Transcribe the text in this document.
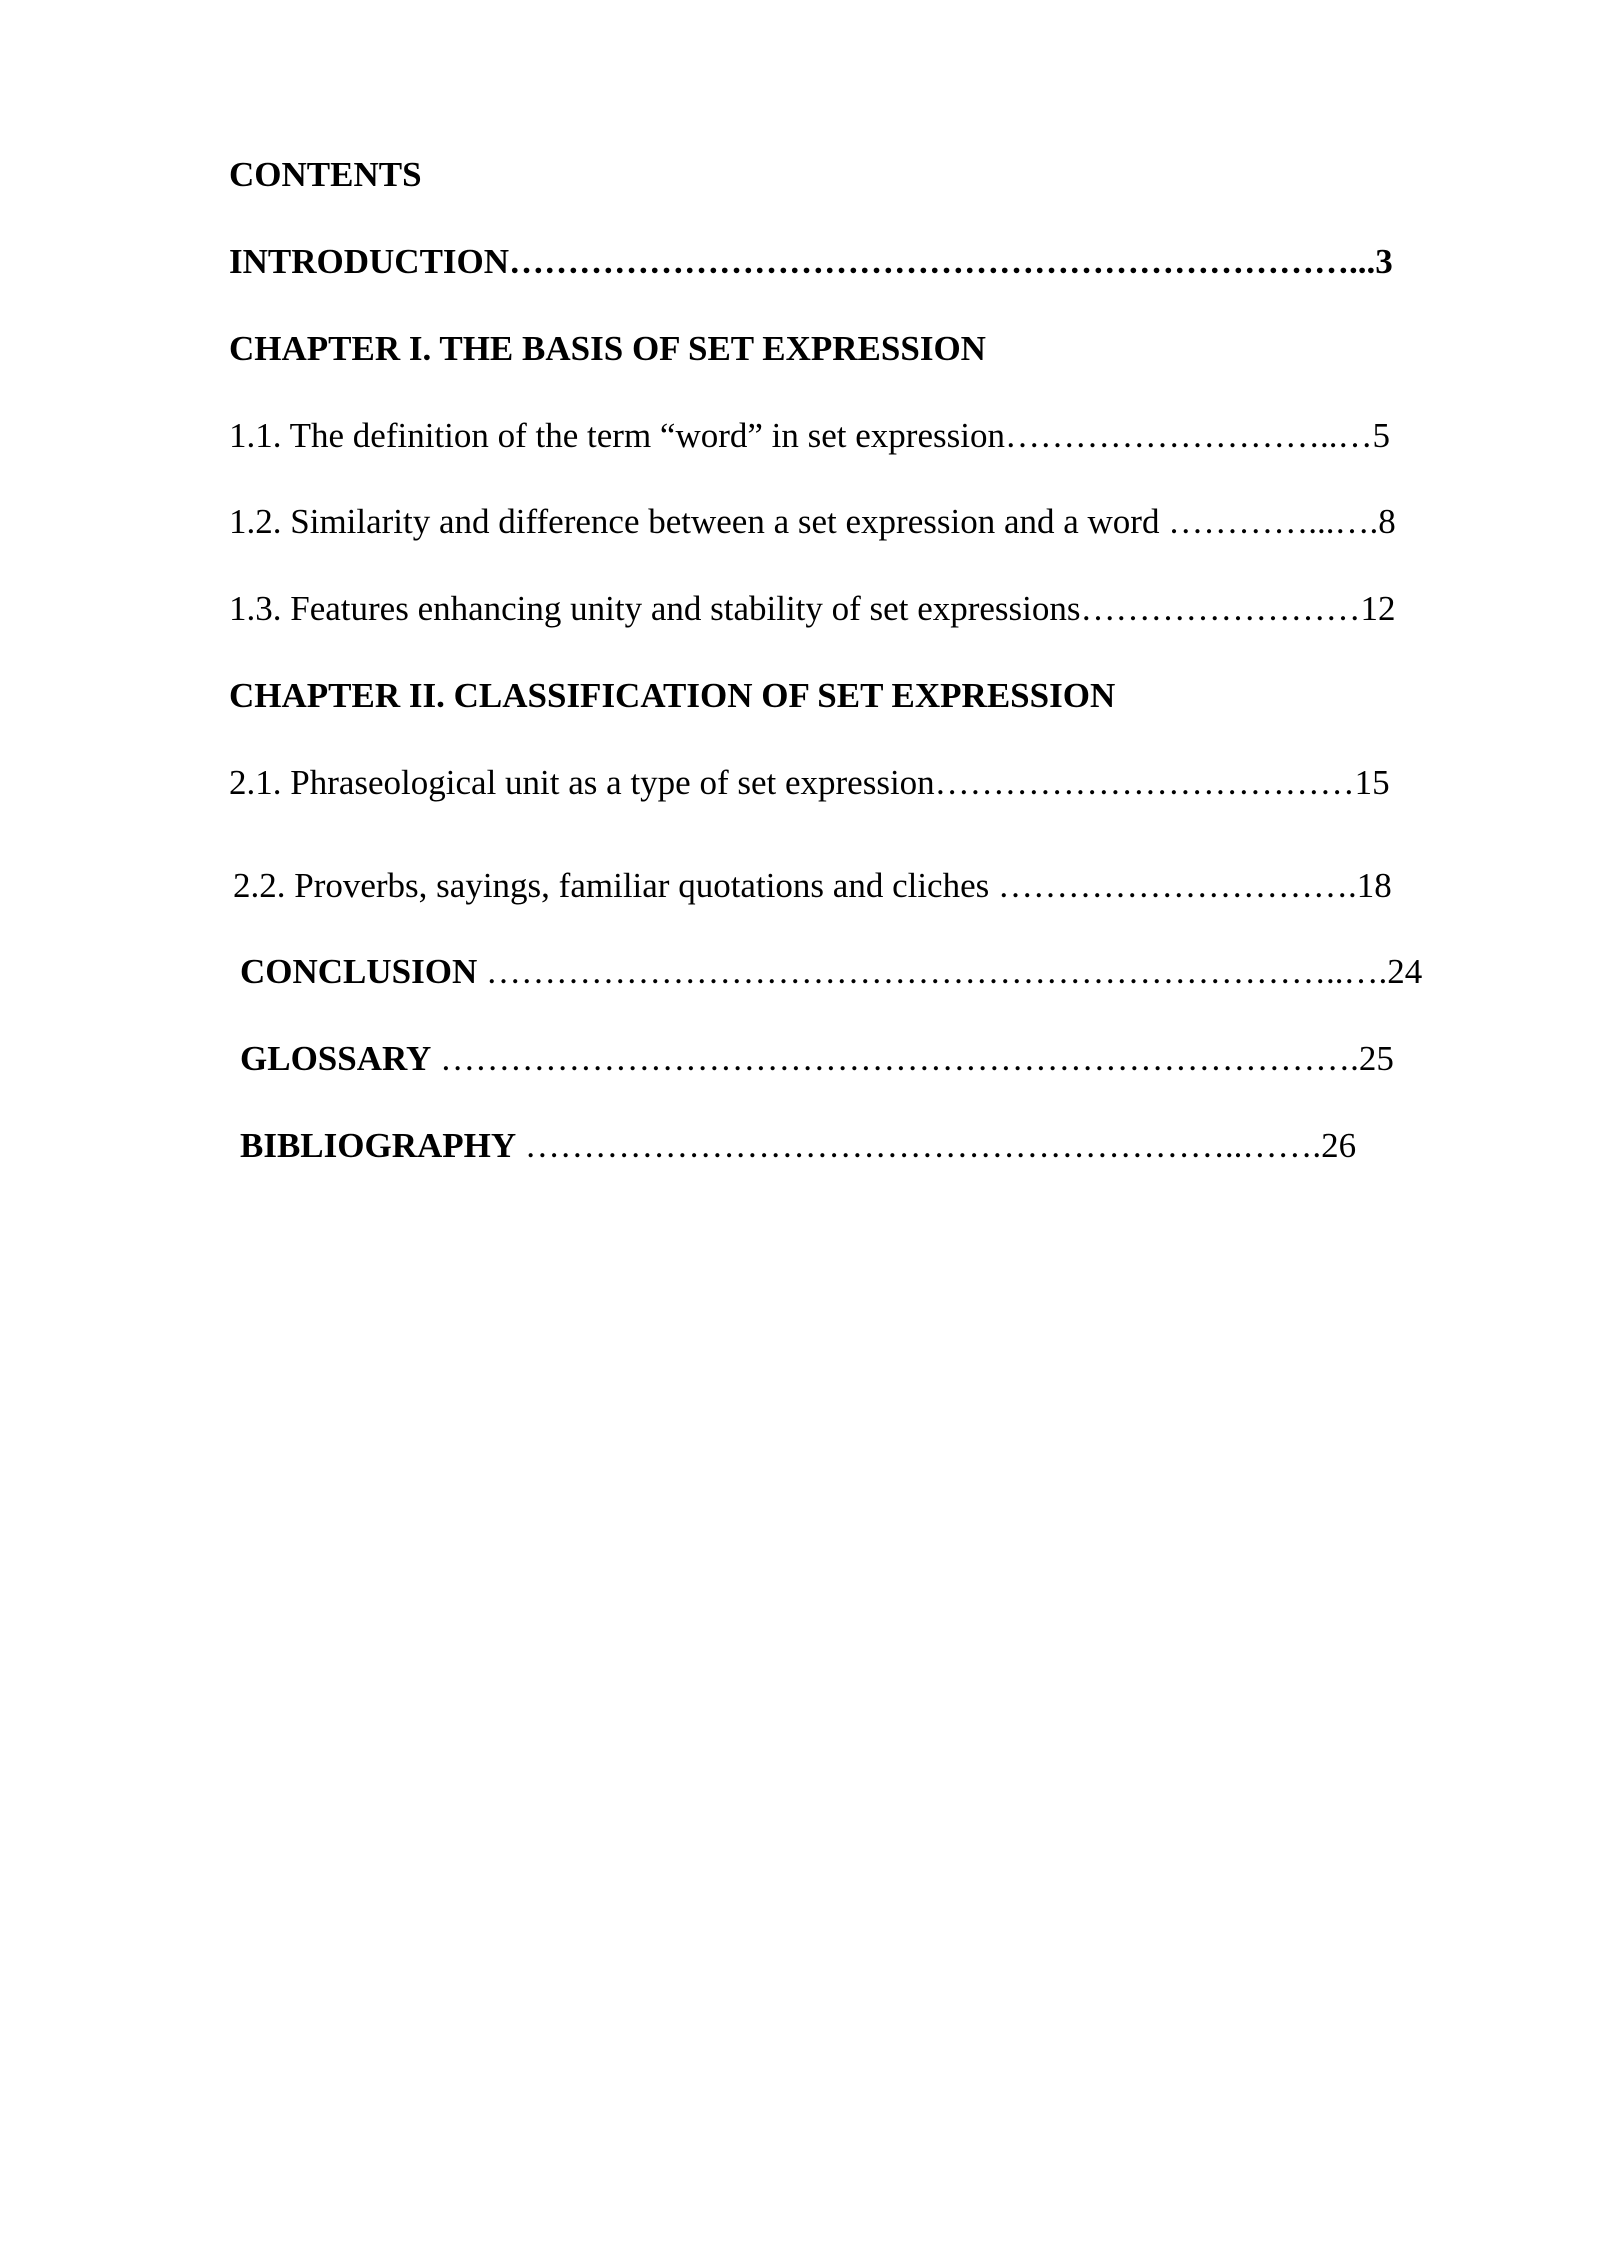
CONTENTS

INTRODUCTION………………………………………………………………...3

CHAPTER I. THE BASIS OF SET EXPRESSION

1.1. The definition of the term “word” in set expression………………………..…5

1.2. Similarity and difference between a set expression and a word …………...….8

1.3. Features enhancing unity and stability of set expressions……………………12

CHAPTER II. CLASSIFICATION OF SET EXPRESSION

2.1. Phraseological unit as a type of set expression………………………………15

2.2. Proverbs, sayings, familiar quotations and cliches ………………………….18

CONCLUSION ………………………………………………………………..….24

GLOSSARY …………………………………………………………………….25

BIBLIOGRAPHY ……………………………………………………..…….26
